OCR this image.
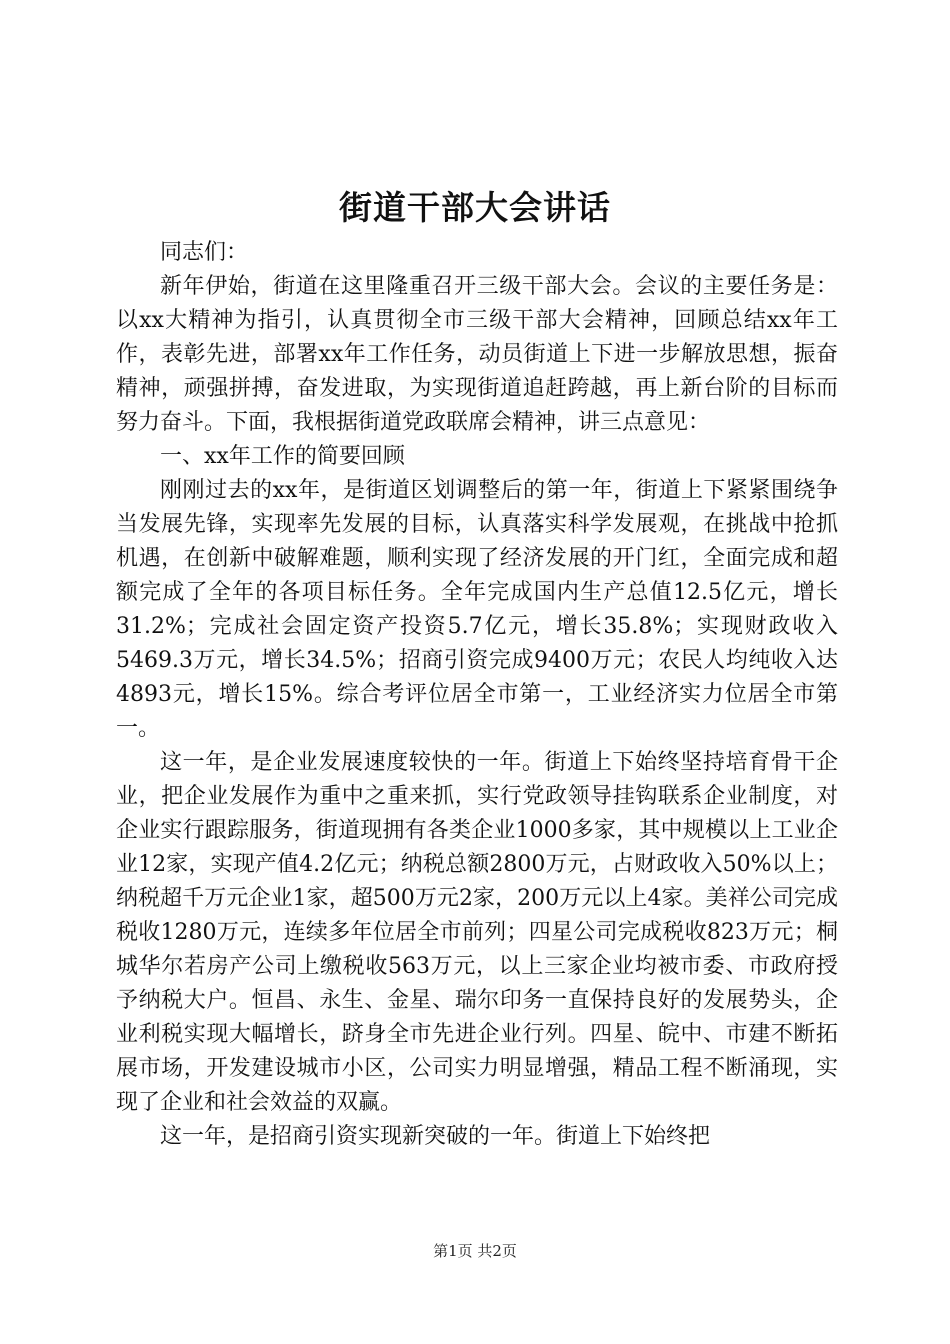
街道干部大会讲话

同志们：

新年伊始，街道在这里隆重召开三级干部大会。会议的主要任务是：以xx大精神为指引，认真贯彻全市三级干部大会精神，回顾总结xx年工作，表彰先进，部署xx年工作任务，动员街道上下进一步解放思想，振奋精神，顽强拼搏，奋发进取，为实现街道追赶跨越，再上新台阶的目标而努力奋斗。下面，我根据街道党政联席会精神，讲三点意见：

一、xx年工作的简要回顾

刚刚过去的xx年，是街道区划调整后的第一年，街道上下紧紧围绕争当发展先锋，实现率先发展的目标，认真落实科学发展观，在挑战中抢抓机遇，在创新中破解难题，顺利实现了经济发展的开门红，全面完成和超额完成了全年的各项目标任务。全年完成国内生产总值12.5亿元，增长31.2%；完成社会固定资产投资5.7亿元，增长35.8%；实现财政收入5469.3万元，增长34.5%；招商引资完成9400万元；农民人均纯收入达4893元，增长15%。综合考评位居全市第一，工业经济实力位居全市第一。

这一年，是企业发展速度较快的一年。街道上下始终坚持培育骨干企业，把企业发展作为重中之重来抓，实行党政领导挂钩联系企业制度，对企业实行跟踪服务，街道现拥有各类企业1000多家，其中规模以上工业企业12家，实现产值4.2亿元；纳税总额2800万元，占财政收入50%以上；纳税超千万元企业1家，超500万元2家，200万元以上4家。美祥公司完成税收1280万元，连续多年位居全市前列；四星公司完成税收823万元；桐城华尔若房产公司上缴税收563万元，以上三家企业均被市委、市政府授予纳税大户。恒昌、永生、金星、瑞尔印务一直保持良好的发展势头，企业利税实现大幅增长，跻身全市先进企业行列。四星、皖中、市建不断拓展市场，开发建设城市小区，公司实力明显增强，精品工程不断涌现，实现了企业和社会效益的双赢。

这一年，是招商引资实现新突破的一年。街道上下始终把

第1页 共2页
